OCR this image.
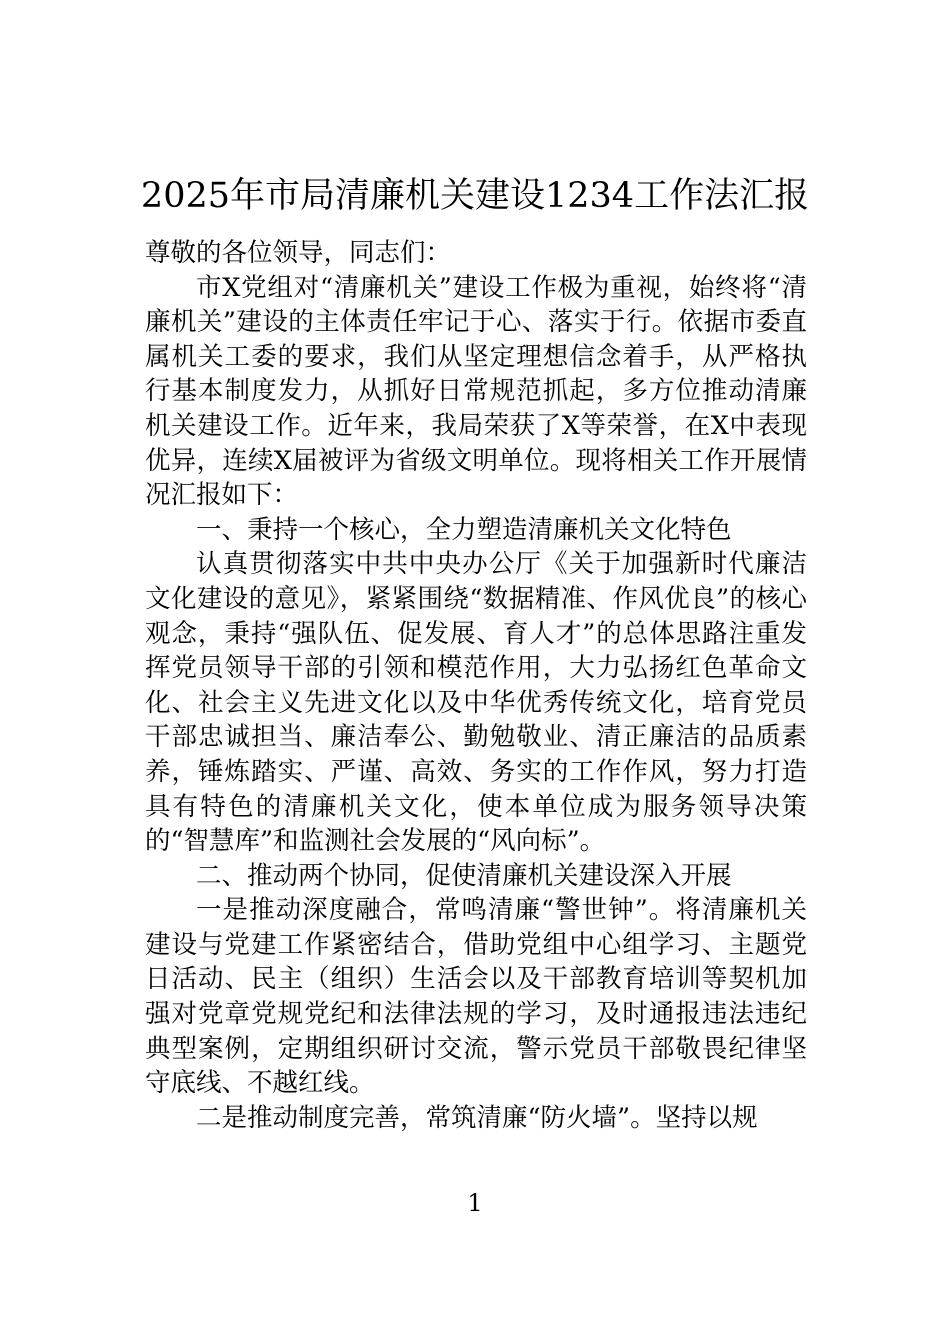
2025年市局清廉机关建设1234工作法汇报

尊敬的各位领导，同志们：

市X党组对“清廉机关”建设工作极为重视，始终将“清廉机关”建设的主体责任牢记于心、落实于行。依据市委直属机关工委的要求，我们从坚定理想信念着手，从严格执行基本制度发力，从抓好日常规范抓起，多方位推动清廉机关建设工作。近年来，我局荣获了X等荣誉，在X中表现优异，连续X届被评为省级文明单位。现将相关工作开展情况汇报如下：

一、秉持一个核心，全力塑造清廉机关文化特色

认真贯彻落实中共中央办公厅《关于加强新时代廉洁文化建设的意见》，紧紧围绕“数据精准、作风优良”的核心观念，秉持“强队伍、促发展、育人才”的总体思路注重发挥党员领导干部的引领和模范作用，大力弘扬红色革命文化、社会主义先进文化以及中华优秀传统文化，培育党员干部忠诚担当、廉洁奉公、勤勉敬业、清正廉洁的品质素养，锤炼踏实、严谨、高效、务实的工作作风，努力打造具有特色的清廉机关文化，使本单位成为服务领导决策的“智慧库”和监测社会发展的“风向标”。

二、推动两个协同，促使清廉机关建设深入开展

一是推动深度融合，常鸣清廉“警世钟”。将清廉机关建设与党建工作紧密结合，借助党组中心组学习、主题党日活动、民主（组织）生活会以及干部教育培训等契机加强对党章党规党纪和法律法规的学习，及时通报违法违纪典型案例，定期组织研讨交流，警示党员干部敬畏纪律坚守底线、不越红线。

二是推动制度完善，常筑清廉“防火墙”。坚持以规

1
